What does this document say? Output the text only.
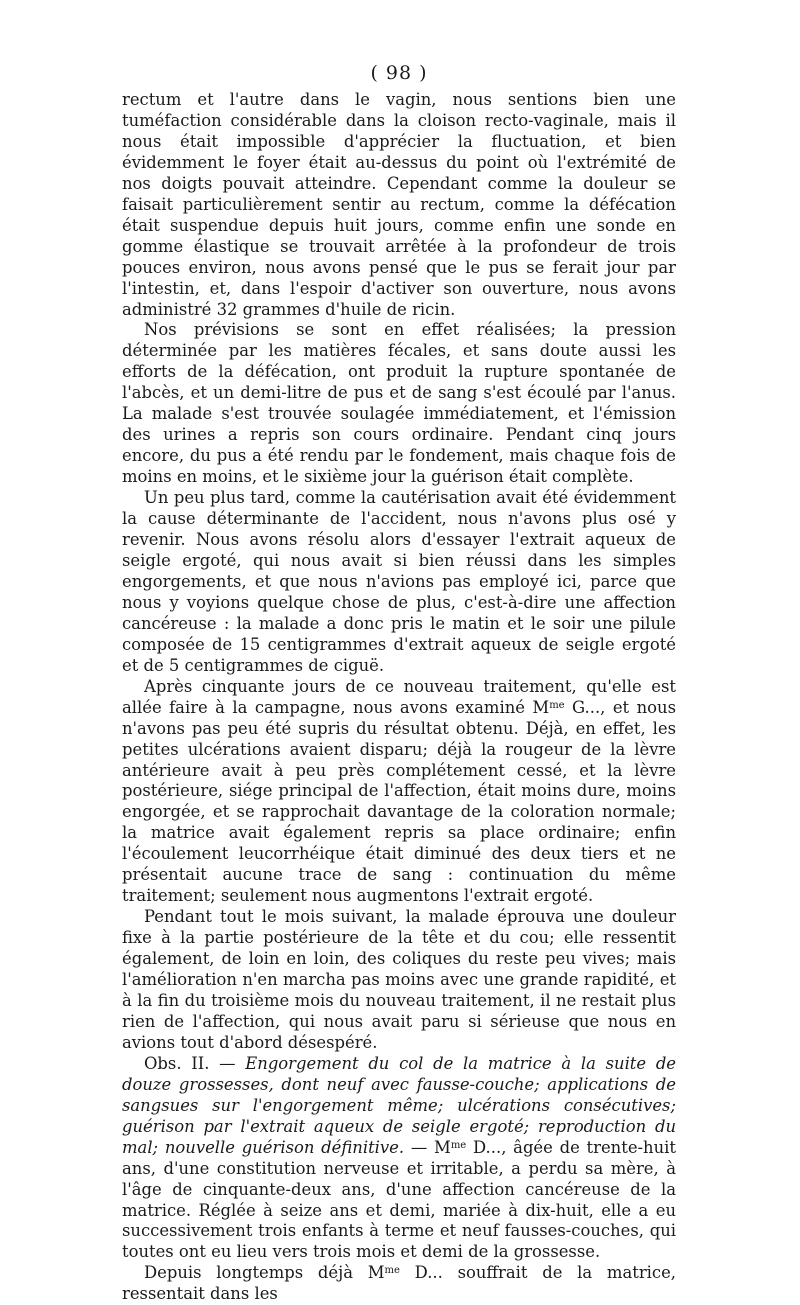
( 98 )

rectum et l'autre dans le vagin, nous sentions bien une tuméfaction considérable dans la cloison recto-vaginale, mais il nous était impossible d'apprécier la fluctuation, et bien évidemment le foyer était au-dessus du point où l'extrémité de nos doigts pouvait atteindre. Cependant comme la douleur se faisait particulièrement sentir au rectum, comme la défécation était suspendue depuis huit jours, comme enfin une sonde en gomme élastique se trouvait arrêtée à la profondeur de trois pouces environ, nous avons pensé que le pus se ferait jour par l'intestin, et, dans l'espoir d'activer son ouverture, nous avons administré 32 grammes d'huile de ricin.

Nos prévisions se sont en effet réalisées; la pression déterminée par les matières fécales, et sans doute aussi les efforts de la défécation, ont produit la rupture spontanée de l'abcès, et un demi-litre de pus et de sang s'est écoulé par l'anus. La malade s'est trouvée soulagée immédiatement, et l'émission des urines a repris son cours ordinaire. Pendant cinq jours encore, du pus a été rendu par le fondement, mais chaque fois de moins en moins, et le sixième jour la guérison était complète.

Un peu plus tard, comme la cautérisation avait été évidemment la cause déterminante de l'accident, nous n'avons plus osé y revenir. Nous avons résolu alors d'essayer l'extrait aqueux de seigle ergoté, qui nous avait si bien réussi dans les simples engorgements, et que nous n'avions pas employé ici, parce que nous y voyions quelque chose de plus, c'est-à-dire une affection cancéreuse : la malade a donc pris le matin et le soir une pilule composée de 15 centigrammes d'extrait aqueux de seigle ergoté et de 5 centigrammes de ciguë.

Après cinquante jours de ce nouveau traitement, qu'elle est allée faire à la campagne, nous avons examiné $M^{me}$ G..., et nous n'avons pas peu été supris du résultat obtenu. Déjà, en effet, les petites ulcérations avaient disparu; déjà la rougeur de la lèvre antérieure avait à peu près complétement cessé, et la lèvre postérieure, siége principal de l'affection, était moins dure, moins engorgée, et se rapprochait davantage de la coloration normale; la matrice avait également repris sa place ordinaire; enfin l'écoulement leucorrhéique était diminué des deux tiers et ne présentait aucune trace de sang : continuation du même traitement; seulement nous augmentons l'extrait ergoté.

Pendant tout le mois suivant, la malade éprouva une douleur fixe à la partie postérieure de la tête et du cou; elle ressentit également, de loin en loin, des coliques du reste peu vives; mais l'amélioration n'en marcha pas moins avec une grande rapidité, et à la fin du troisième mois du nouveau traitement, il ne restait plus rien de l'affection, qui nous avait paru si sérieuse que nous en avions tout d'abord désespéré.

Obs. II. — Engorgement du col de la matrice à la suite de douze grossesses, dont neuf avec fausse-couche; applications de sangsues sur l'engorgement même; ulcérations consécutives; guérison par l'extrait aqueux de seigle ergoté; reproduction du mal; nouvelle guérison définitive. — $M^{me}$ D..., âgée de trente-huit ans, d'une constitution nerveuse et irritable, a perdu sa mère, à l'âge de cinquante-deux ans, d'une affection cancéreuse de la matrice. Réglée à seize ans et demi, mariée à dix-huit, elle a eu successivement trois enfants à terme et neuf fausses-couches, qui toutes ont eu lieu vers trois mois et demi de la grossesse.

Depuis longtemps déjà $M^{me}$ D... souffrait de la matrice, ressentait dans les
